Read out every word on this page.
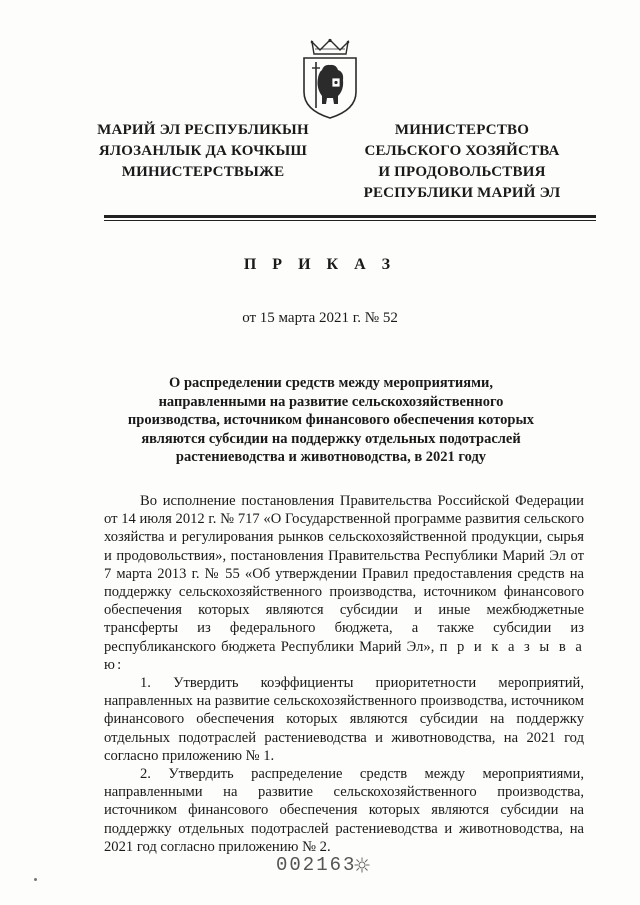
МАРИЙ ЭЛ РЕСПУБЛИКЫН
ЯЛОЗАНЛЫК ДА КОЧКЫШ
МИНИСТЕРСТВЫЖЕ
МИНИСТЕРСТВО
СЕЛЬСКОГО ХОЗЯЙСТВА
И ПРОДОВОЛЬСТВИЯ
РЕСПУБЛИКИ МАРИЙ ЭЛ
П Р И К А З
от 15 марта 2021 г. № 52
О распределении средств между мероприятиями,
направленными на развитие сельскохозяйственного
производства, источником финансового обеспечения которых
являются субсидии на поддержку отдельных подотраслей
растениеводства и животноводства, в 2021 году

Во исполнение постановления Правительства Российской Федерации от 14 июля 2012 г. № 717 «О Государственной программе развития сельского хозяйства и регулирования рынков сельскохозяйственной продукции, сырья и продовольствия», постановления Правительства Республики Марий Эл от 7 марта 2013 г. № 55 «Об утверждении Правил предоставления средств на поддержку сельскохозяйственного производства, источником финансового обеспечения которых являются субсидии и иные межбюджетные трансферты из федерального бюджета, а также субсидии из республиканского бюджета Республики Марий Эл», п р и к а з ы в а ю:

1. Утвердить коэффициенты приоритетности мероприятий, направленных на развитие сельскохозяйственного производства, источником финансового обеспечения которых являются субсидии на поддержку отдельных подотраслей растениеводства и животноводства, на 2021 год согласно приложению № 1.

2. Утвердить распределение средств между мероприятиями, направленными на развитие сельскохозяйственного производства, источником финансового обеспечения которых являются субсидии на поддержку отдельных подотраслей растениеводства и животноводства, на 2021 год согласно приложению № 2.

002163
